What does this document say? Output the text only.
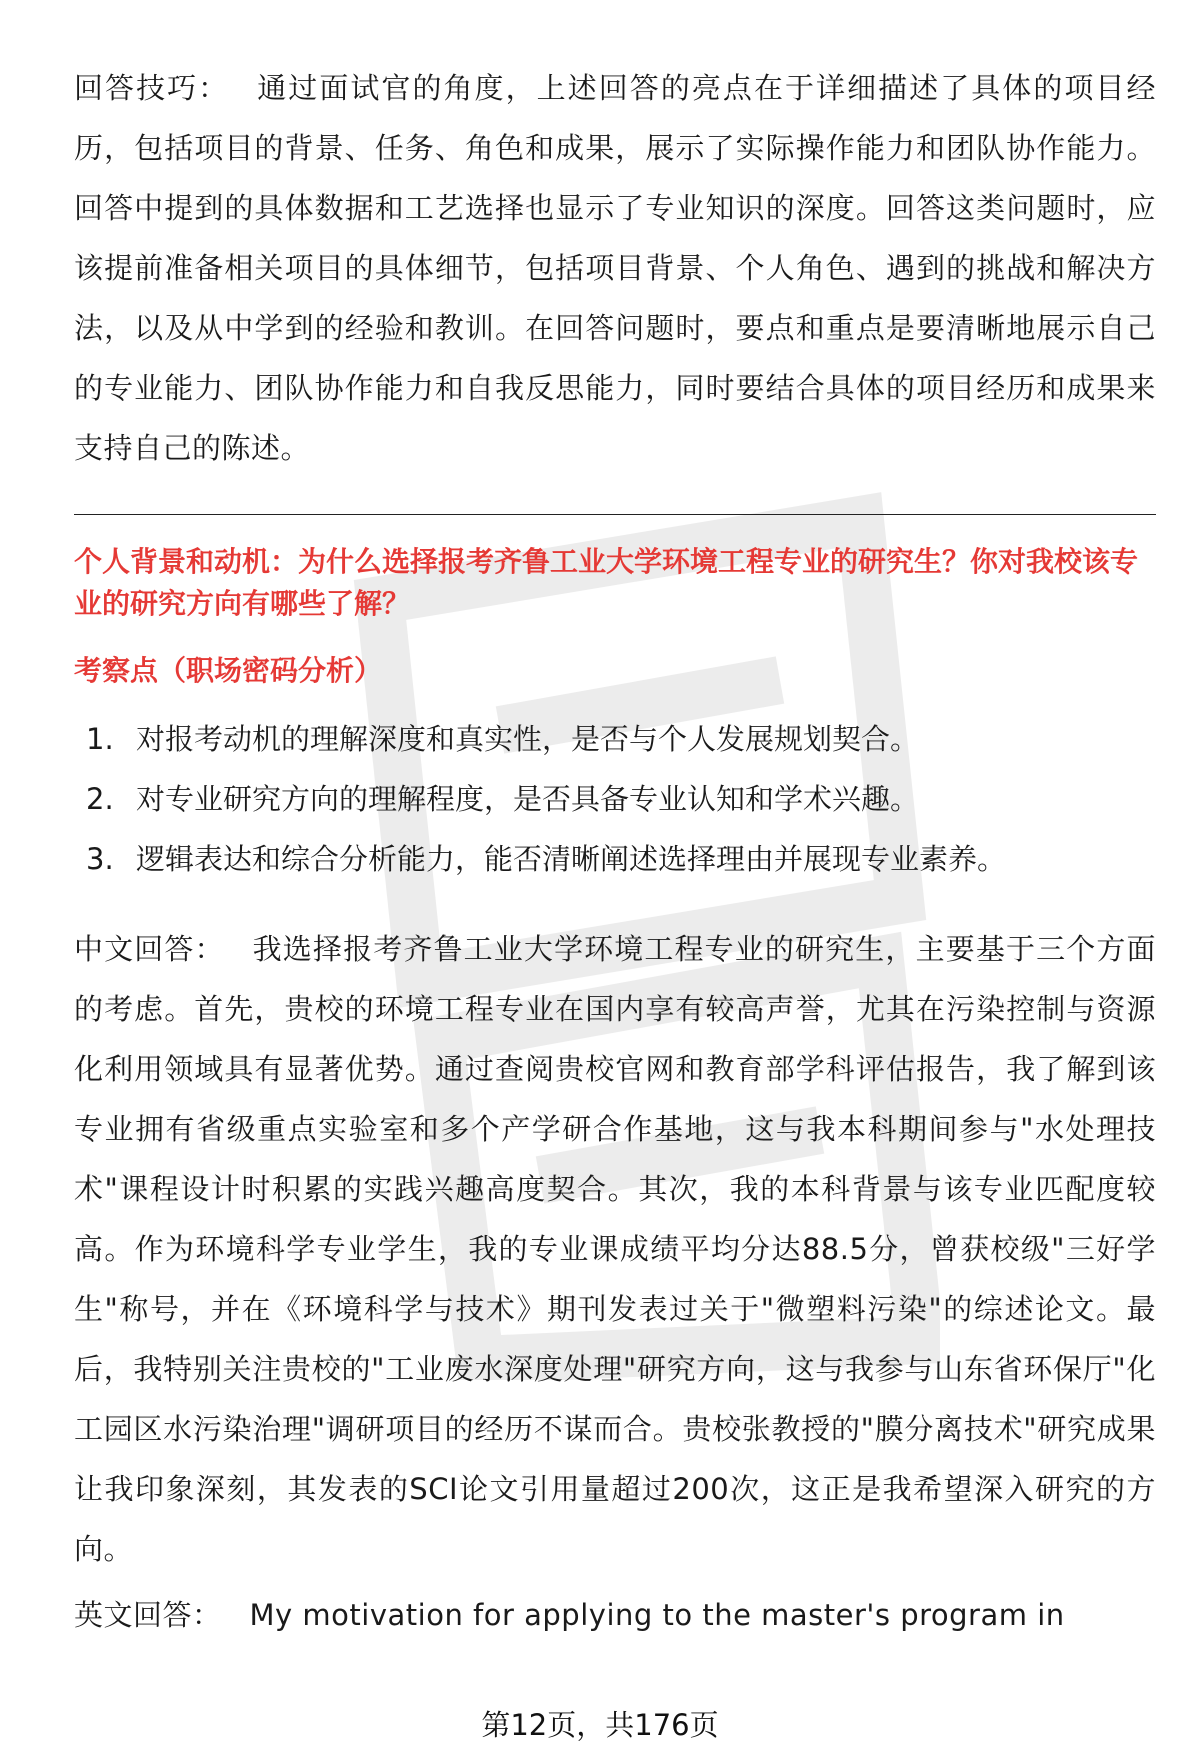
回答技巧： 通过面试官的角度，上述回答的亮点在于详细描述了具体的项目经历，包括项目的背景、任务、角色和成果，展示了实际操作能力和团队协作能力。回答中提到的具体数据和工艺选择也显示了专业知识的深度。回答这类问题时，应该提前准备相关项目的具体细节，包括项目背景、个人角色、遇到的挑战和解决方法，以及从中学到的经验和教训。在回答问题时，要点和重点是要清晰地展示自己的专业能力、团队协作能力和自我反思能力，同时要结合具体的项目经历和成果来支持自己的陈述。

个人背景和动机：为什么选择报考齐鲁工业大学环境工程专业的研究生？你对我校该专业的研究方向有哪些了解？

考察点（职场密码分析）

1. 对报考动机的理解深度和真实性，是否与个人发展规划契合。
2. 对专业研究方向的理解程度，是否具备专业认知和学术兴趣。
3. 逻辑表达和综合分析能力，能否清晰阐述选择理由并展现专业素养。

中文回答： 我选择报考齐鲁工业大学环境工程专业的研究生，主要基于三个方面的考虑。首先，贵校的环境工程专业在国内享有较高声誉，尤其在污染控制与资源化利用领域具有显著优势。通过查阅贵校官网和教育部学科评估报告，我了解到该专业拥有省级重点实验室和多个产学研合作基地，这与我本科期间参与"水处理技术"课程设计时积累的实践兴趣高度契合。其次，我的本科背景与该专业匹配度较高。作为环境科学专业学生，我的专业课成绩平均分达88.5分，曾获校级"三好学生"称号，并在《环境科学与技术》期刊发表过关于"微塑料污染"的综述论文。最后，我特别关注贵校的"工业废水深度处理"研究方向，这与我参与山东省环保厅"化工园区水污染治理"调研项目的经历不谋而合。贵校张教授的"膜分离技术"研究成果让我印象深刻，其发表的SCI论文引用量超过200次，这正是我希望深入研究的方向。

英文回答： My motivation for applying to the master's program in

第12页，共176页
